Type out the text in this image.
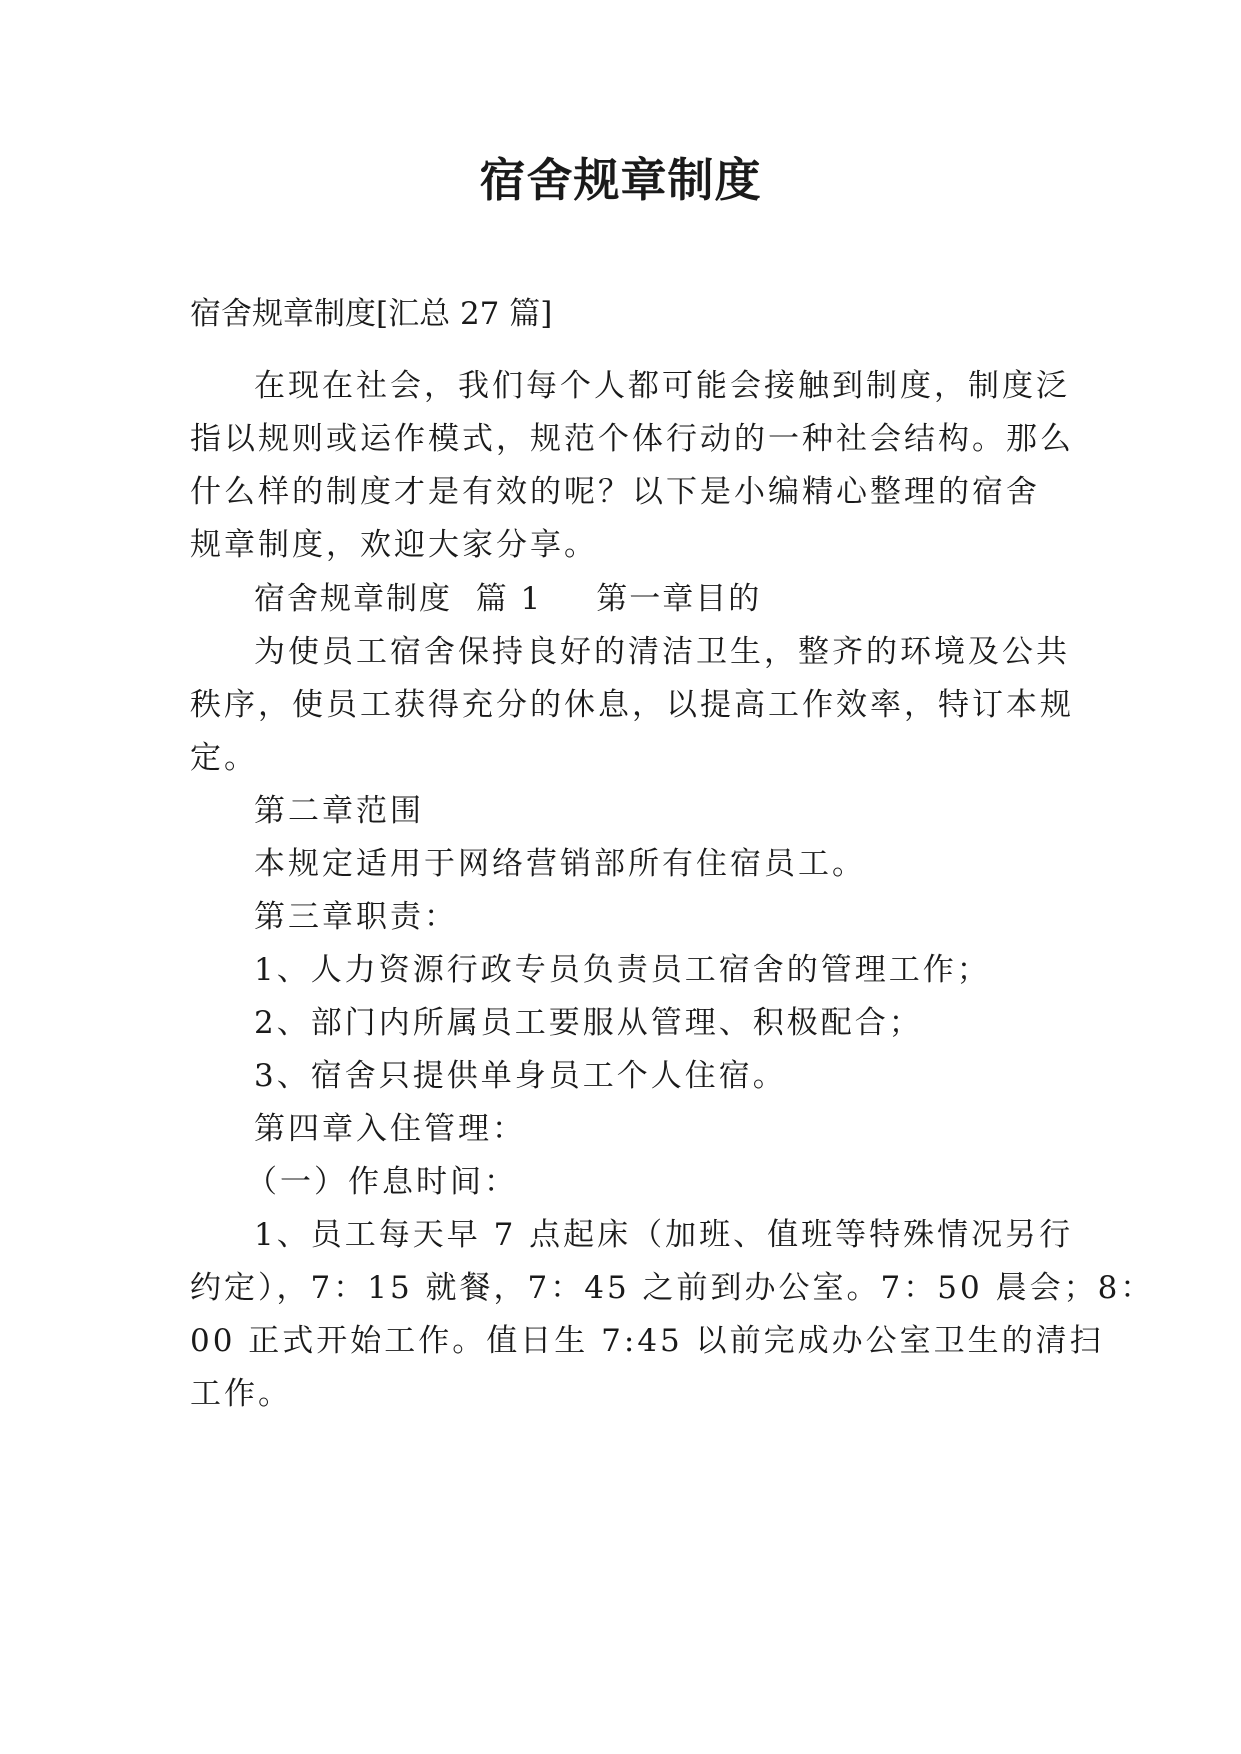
宿舍规章制度
宿舍规章制度[汇总 27 篇]
在现在社会，我们每个人都可能会接触到制度，制度泛
指以规则或运作模式，规范个体行动的一种社会结构。那么
什么样的制度才是有效的呢？以下是小编精心整理的宿舍
规章制度，欢迎大家分享。
宿舍规章制度  篇 1 第一章目的
为使员工宿舍保持良好的清洁卫生，整齐的环境及公共
秩序，使员工获得充分的休息，以提高工作效率，特订本规
定。
第二章范围
本规定适用于网络营销部所有住宿员工。
第三章职责：
1、人力资源行政专员负责员工宿舍的管理工作；
2、部门内所属员工要服从管理、积极配合；
3、宿舍只提供单身员工个人住宿。
第四章入住管理：
（一）作息时间：
1、员工每天早 7 点起床（加班、值班等特殊情况另行
约定），7：15 就餐，7：45 之前到办公室。7：50 晨会；8：
00 正式开始工作。值日生 7:45 以前完成办公室卫生的清扫
工作。
